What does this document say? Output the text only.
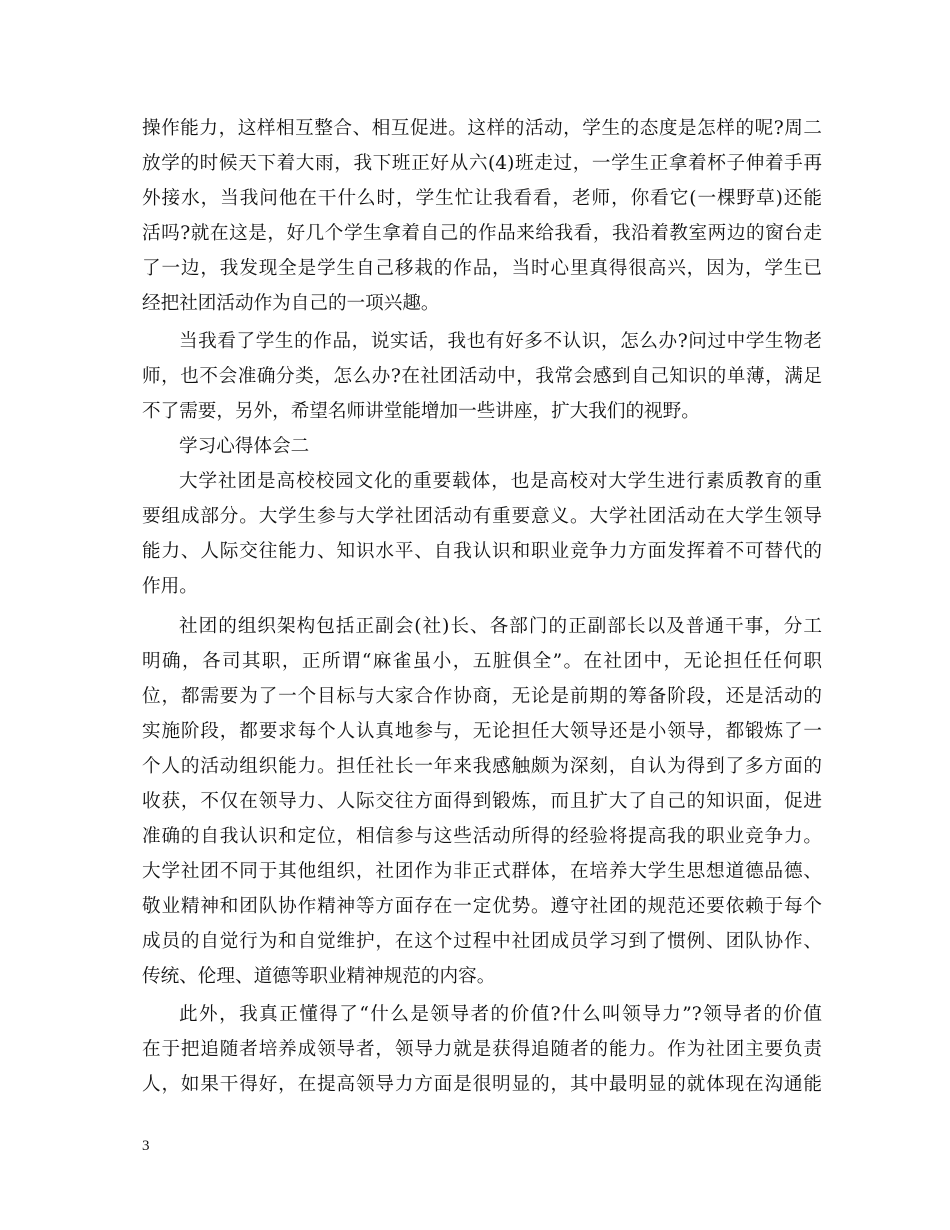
操作能力，这样相互整合、相互促进。这样的活动，学生的态度是怎样的呢?周二
放学的时候天下着大雨，我下班正好从六(4)班走过，一学生正拿着杯子伸着手再
外接水，当我问他在干什么时，学生忙让我看看，老师，你看它(一棵野草)还能
活吗?就在这是，好几个学生拿着自己的作品来给我看，我沿着教室两边的窗台走
了一边，我发现全是学生自己移栽的作品，当时心里真得很高兴，因为，学生已
经把社团活动作为自己的一项兴趣。
当我看了学生的作品，说实话，我也有好多不认识，怎么办?问过中学生物老
师，也不会准确分类，怎么办?在社团活动中，我常会感到自己知识的单薄，满足
不了需要，另外，希望名师讲堂能增加一些讲座，扩大我们的视野。
学习心得体会二
大学社团是高校校园文化的重要载体，也是高校对大学生进行素质教育的重
要组成部分。大学生参与大学社团活动有重要意义。大学社团活动在大学生领导
能力、人际交往能力、知识水平、自我认识和职业竞争力方面发挥着不可替代的
作用。
社团的组织架构包括正副会(社)长、各部门的正副部长以及普通干事，分工
明确，各司其职，正所谓“麻雀虽小，五脏俱全”。在社团中，无论担任任何职
位，都需要为了一个目标与大家合作协商，无论是前期的筹备阶段，还是活动的
实施阶段，都要求每个人认真地参与，无论担任大领导还是小领导，都锻炼了一
个人的活动组织能力。担任社长一年来我感触颇为深刻，自认为得到了多方面的
收获，不仅在领导力、人际交往方面得到锻炼，而且扩大了自己的知识面，促进
准确的自我认识和定位，相信参与这些活动所得的经验将提高我的职业竞争力。
大学社团不同于其他组织，社团作为非正式群体，在培养大学生思想道德品德、
敬业精神和团队协作精神等方面存在一定优势。遵守社团的规范还要依赖于每个
成员的自觉行为和自觉维护，在这个过程中社团成员学习到了惯例、团队协作、
传统、伦理、道德等职业精神规范的内容。
此外，我真正懂得了“什么是领导者的价值?什么叫领导力”?领导者的价值
在于把追随者培养成领导者，领导力就是获得追随者的能力。作为社团主要负责
人，如果干得好，在提高领导力方面是很明显的，其中最明显的就体现在沟通能
3
